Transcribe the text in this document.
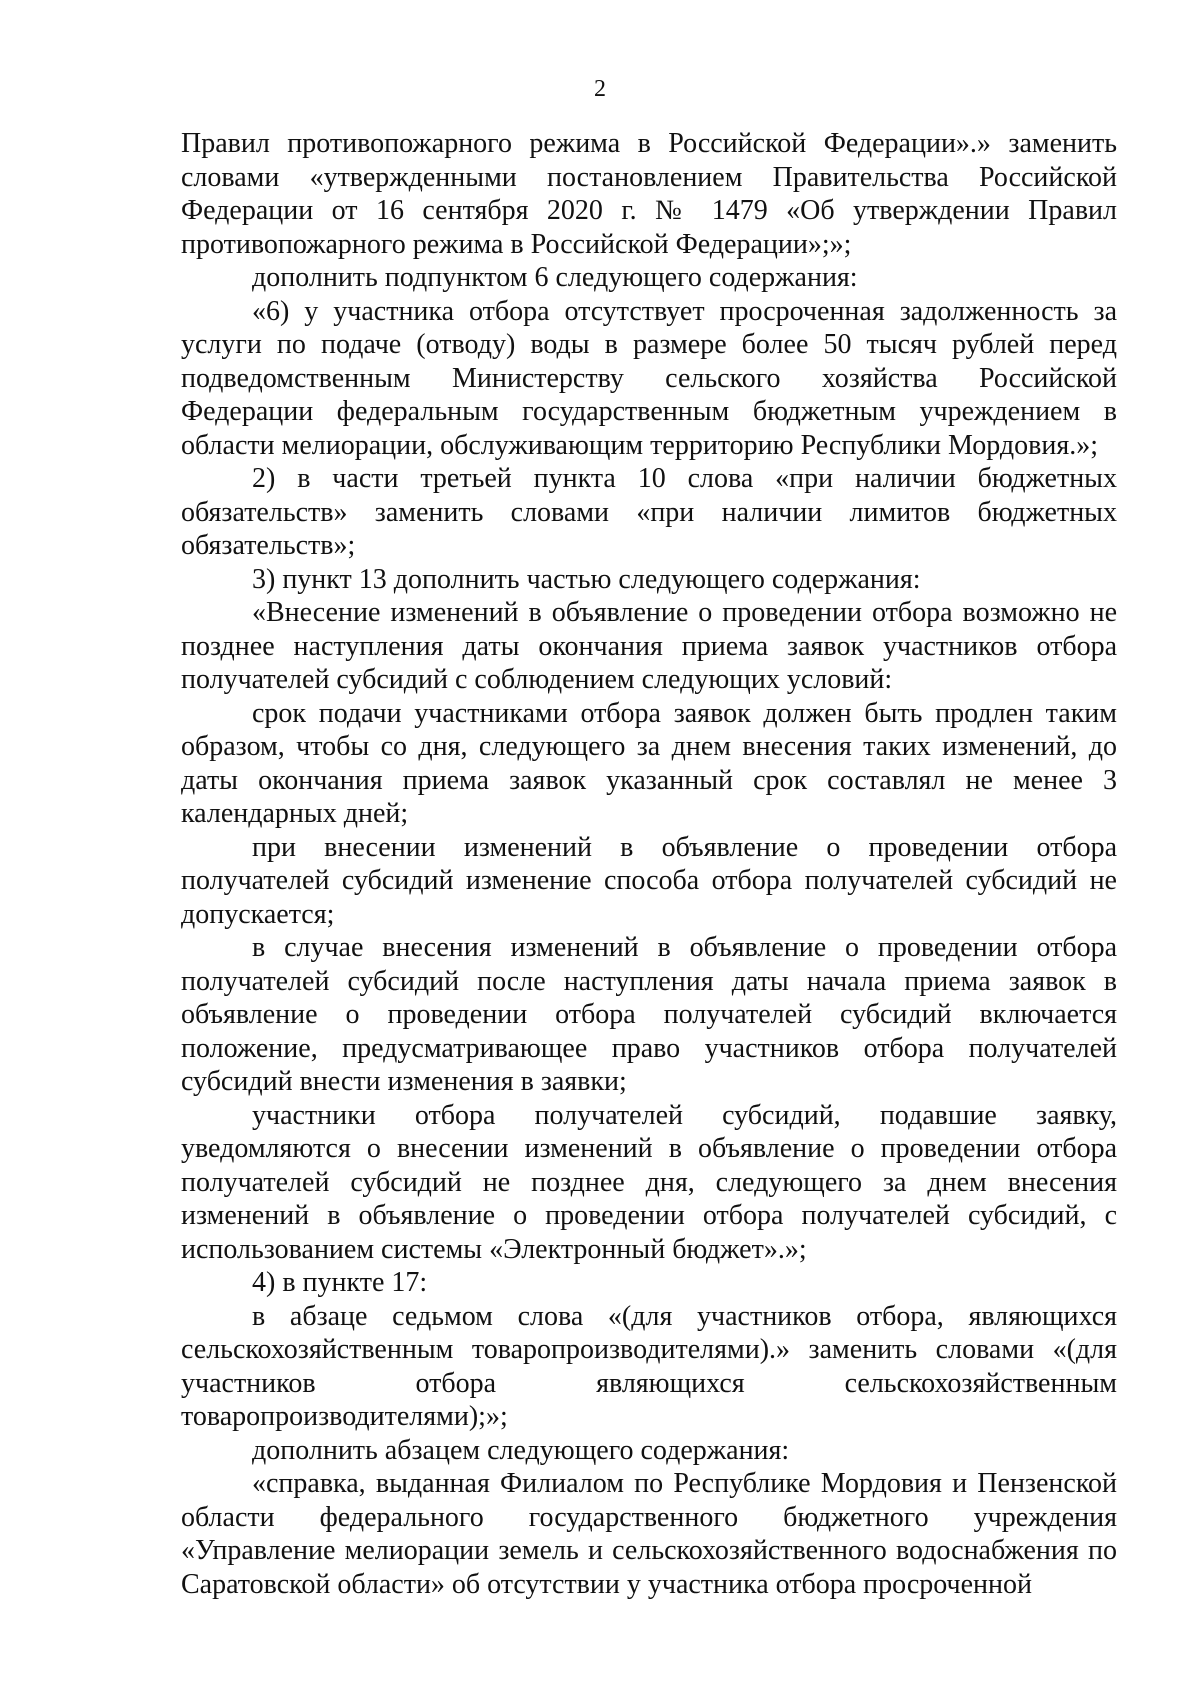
2

Правил противопожарного режима в Российской Федерации».» заменить словами «утвержденными постановлением Правительства Российской Федерации от 16 сентября 2020 г. № 1479 «Об утверждении Правил противопожарного режима в Российской Федерации»;»;

дополнить подпунктом 6 следующего содержания:

«6) у участника отбора отсутствует просроченная задолженность за услуги по подаче (отводу) воды в размере более 50 тысяч рублей перед подведомственным Министерству сельского хозяйства Российской Федерации федеральным государственным бюджетным учреждением в области мелиорации, обслуживающим территорию Республики Мордовия.»;

2) в части третьей пункта 10 слова «при наличии бюджетных обязательств» заменить словами «при наличии лимитов бюджетных обязательств»;

3) пункт 13 дополнить частью следующего содержания:

«Внесение изменений в объявление о проведении отбора возможно не позднее наступления даты окончания приема заявок участников отбора получателей субсидий с соблюдением следующих условий:

срок подачи участниками отбора заявок должен быть продлен таким образом, чтобы со дня, следующего за днем внесения таких изменений, до даты окончания приема заявок указанный срок составлял не менее 3 календарных дней;

при внесении изменений в объявление о проведении отбора получателей субсидий изменение способа отбора получателей субсидий не допускается;

в случае внесения изменений в объявление о проведении отбора получателей субсидий после наступления даты начала приема заявок в объявление о проведении отбора получателей субсидий включается положение, предусматривающее право участников отбора получателей субсидий внести изменения в заявки;

участники отбора получателей субсидий, подавшие заявку, уведомляются о внесении изменений в объявление о проведении отбора получателей субсидий не позднее дня, следующего за днем внесения изменений в объявление о проведении отбора получателей субсидий, с использованием системы «Электронный бюджет».»;

4) в пункте 17:

в абзаце седьмом слова «(для участников отбора, являющихся сельскохозяйственным товаропроизводителями).» заменить словами «(для участников отбора являющихся сельскохозяйственным товаропроизводителями);»;

дополнить абзацем следующего содержания:

«справка, выданная Филиалом по Республике Мордовия и Пензенской области федерального государственного бюджетного учреждения «Управление мелиорации земель и сельскохозяйственного водоснабжения по Саратовской области» об отсутствии у участника отбора просроченной
